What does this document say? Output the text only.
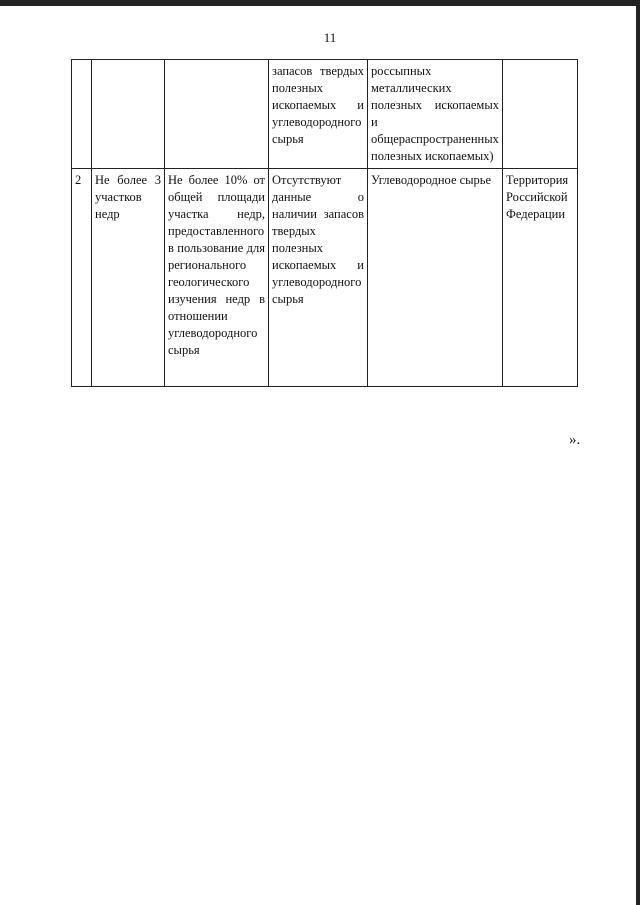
11
			запасов твердых полезных ископаемых и углеводородного сырья	россыпных металлических полезных ископаемых и общераспространенных полезных ископаемых)	
2	Не более 3 участков недр	Не более 10% от общей площади участка недр, предоставленного в пользование для регионального геологического изучения недр в отношении углеводородного сырья	Отсутствуют данные о наличии запасов твердых полезных ископаемых и углеводородного сырья	Углеводородное сырье	Территория Российской Федерации
».
